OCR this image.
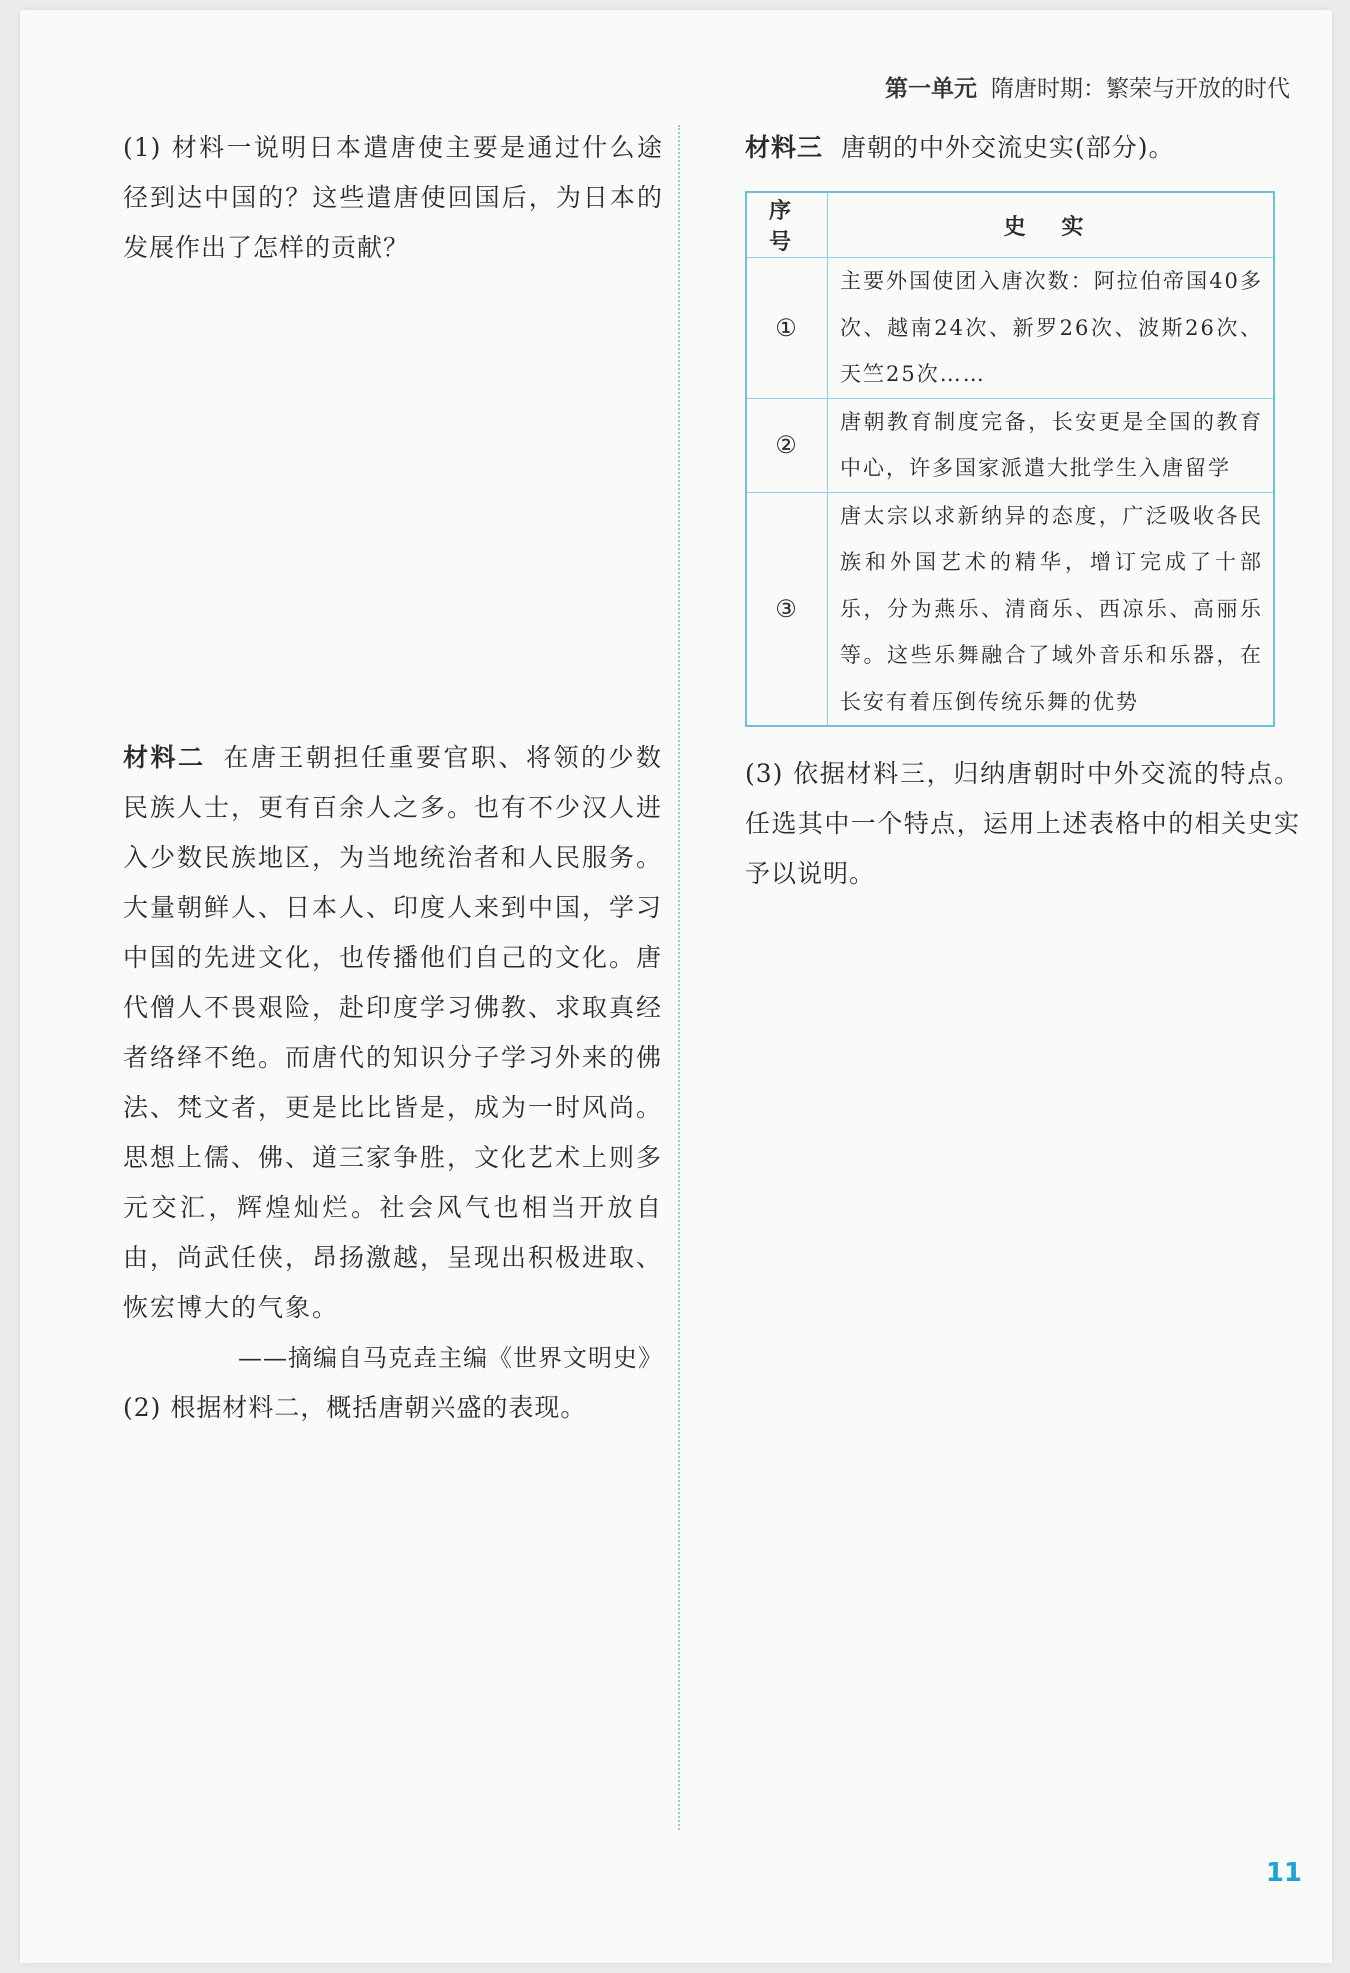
第一单元 隋唐时期：繁荣与开放的时代

(1) 材料一说明日本遣唐使主要是通过什么途径到达中国的？这些遣唐使回国后，为日本的发展作出了怎样的贡献？

材料二 在唐王朝担任重要官职、将领的少数民族人士，更有百余人之多。也有不少汉人进入少数民族地区，为当地统治者和人民服务。大量朝鲜人、日本人、印度人来到中国，学习中国的先进文化，也传播他们自己的文化。唐代僧人不畏艰险，赴印度学习佛教、求取真经者络绎不绝。而唐代的知识分子学习外来的佛法、梵文者，更是比比皆是，成为一时风尚。思想上儒、佛、道三家争胜，文化艺术上则多元交汇，辉煌灿烂。社会风气也相当开放自由，尚武任侠，昂扬激越，呈现出积极进取、恢宏博大的气象。

——摘编自马克垚主编《世界文明史》

(2) 根据材料二，概括唐朝兴盛的表现。

材料三 唐朝的中外交流史实(部分)。
序 号	史 实
①	主要外国使团入唐次数：阿拉伯帝国40多次、越南24次、新罗26次、波斯26次、天竺25次……
②	唐朝教育制度完备，长安更是全国的教育中心，许多国家派遣大批学生入唐留学
③	唐太宗以求新纳异的态度，广泛吸收各民族和外国艺术的精华，增订完成了十部乐，分为燕乐、清商乐、西凉乐、高丽乐等。这些乐舞融合了域外音乐和乐器，在长安有着压倒传统乐舞的优势

(3) 依据材料三，归纳唐朝时中外交流的特点。任选其中一个特点，运用上述表格中的相关史实予以说明。

11
